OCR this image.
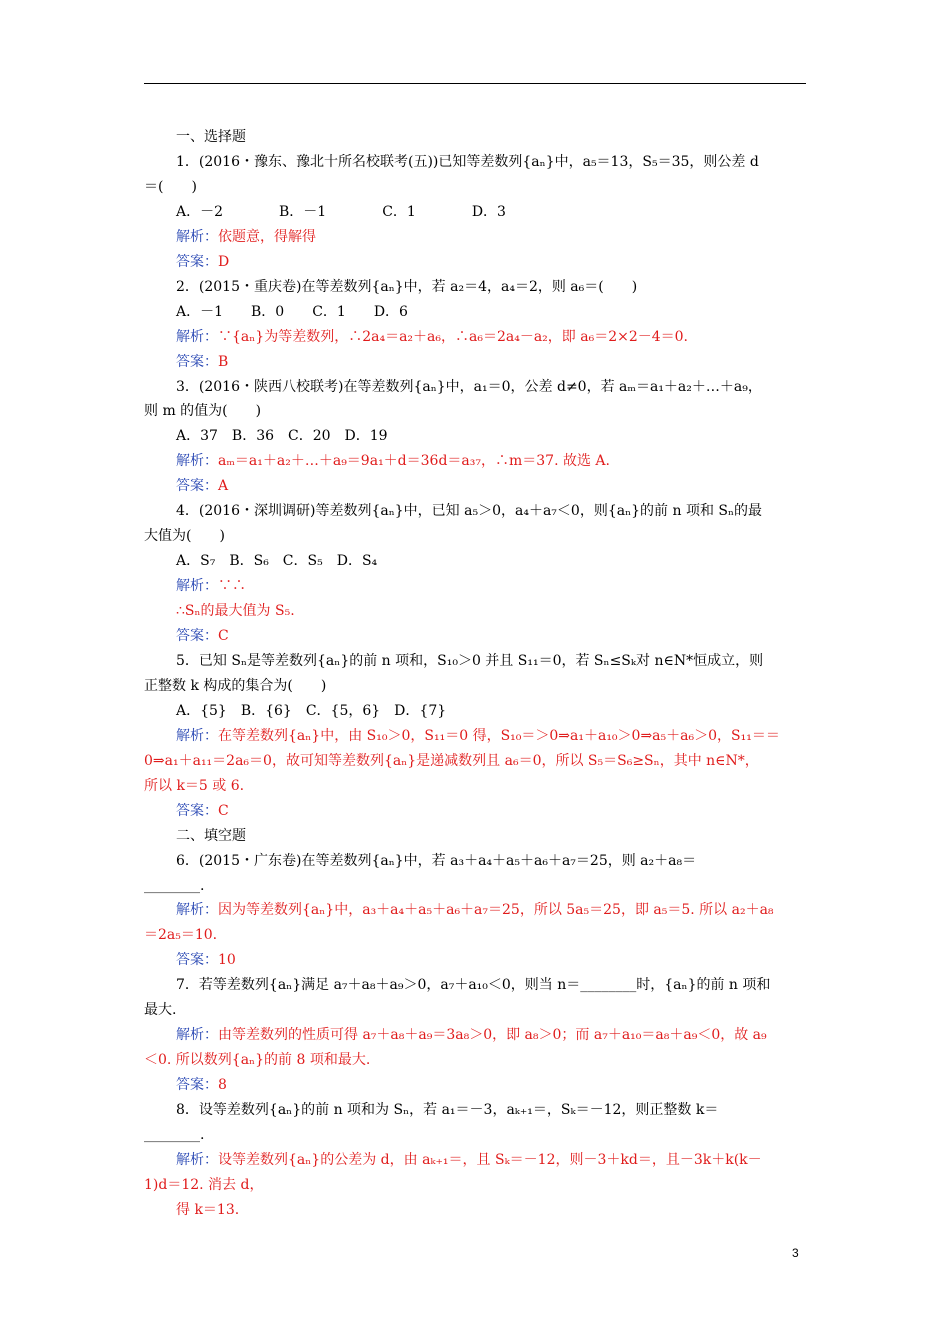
一、选择题
1．(2016・豫东、豫北十所名校联考(五))已知等差数列{aₙ}中，a₅＝13，S₅＝35，则公差 d
＝(　　)
A．－2　　　　B．－1　　　　C．1　　　　D．3
解析：依题意，得解得
答案：D
2．(2015・重庆卷)在等差数列{aₙ}中，若 a₂＝4，a₄＝2，则 a₆＝(　　)
A．－1　　B．0　　C．1　　D．6
解析：∵{aₙ}为等差数列，∴2a₄＝a₂＋a₆，∴a₆＝2a₄－a₂，即 a₆＝2×2－4＝0.
答案：B
3．(2016・陕西八校联考)在等差数列{aₙ}中，a₁＝0，公差 d≠0，若 aₘ＝a₁＋a₂＋…＋a₉，
则 m 的值为(　　)
A．37　B．36　C．20　D．19
解析：aₘ＝a₁＋a₂＋…＋a₉＝9a₁＋d＝36d＝a₃₇，∴m＝37. 故选 A.
答案：A
4．(2016・深圳调研)等差数列{aₙ}中，已知 a₅＞0，a₄＋a₇＜0，则{aₙ}的前 n 项和 Sₙ的最
大值为(　　)
A．S₇　B．S₆　C．S₅　D．S₄
解析：∵∴
∴Sₙ的最大值为 S₅.
答案：C
5．已知 Sₙ是等差数列{aₙ}的前 n 项和，S₁₀＞0 并且 S₁₁＝0，若 Sₙ≤Sₖ对 n∈N*恒成立，则
正整数 k 构成的集合为(　　)
A．{5}　B．{6}　C．{5，6}　D．{7}
解析：在等差数列{aₙ}中，由 S₁₀＞0，S₁₁＝0 得，S₁₀＝＞0⇒a₁＋a₁₀＞0⇒a₅＋a₆＞0，S₁₁＝＝
0⇒a₁＋a₁₁＝2a₆＝0，故可知等差数列{aₙ}是递减数列且 a₆＝0，所以 S₅＝S₆≥Sₙ，其中 n∈N*，
所以 k＝5 或 6.
答案：C
二、填空题
6．(2015・广东卷)在等差数列{aₙ}中，若 a₃＋a₄＋a₅＋a₆＋a₇＝25，则 a₂＋a₈＝
________.
解析：因为等差数列{aₙ}中，a₃＋a₄＋a₅＋a₆＋a₇＝25，所以 5a₅＝25，即 a₅＝5. 所以 a₂＋a₈
＝2a₅＝10.
答案：10
7．若等差数列{aₙ}满足 a₇＋a₈＋a₉＞0，a₇＋a₁₀＜0，则当 n＝________时，{aₙ}的前 n 项和
最大.
解析：由等差数列的性质可得 a₇＋a₈＋a₉＝3a₈＞0，即 a₈＞0；而 a₇＋a₁₀＝a₈＋a₉＜0，故 a₉
＜0. 所以数列{aₙ}的前 8 项和最大.
答案：8
8．设等差数列{aₙ}的前 n 项和为 Sₙ，若 a₁＝－3，aₖ₊₁＝，Sₖ＝－12，则正整数 k＝
________.
解析：设等差数列{aₙ}的公差为 d，由 aₖ₊₁＝，且 Sₖ＝－12，则－3＋kd＝，且－3k＋k(k－
1)d＝12. 消去 d，
得 k＝13.
3
